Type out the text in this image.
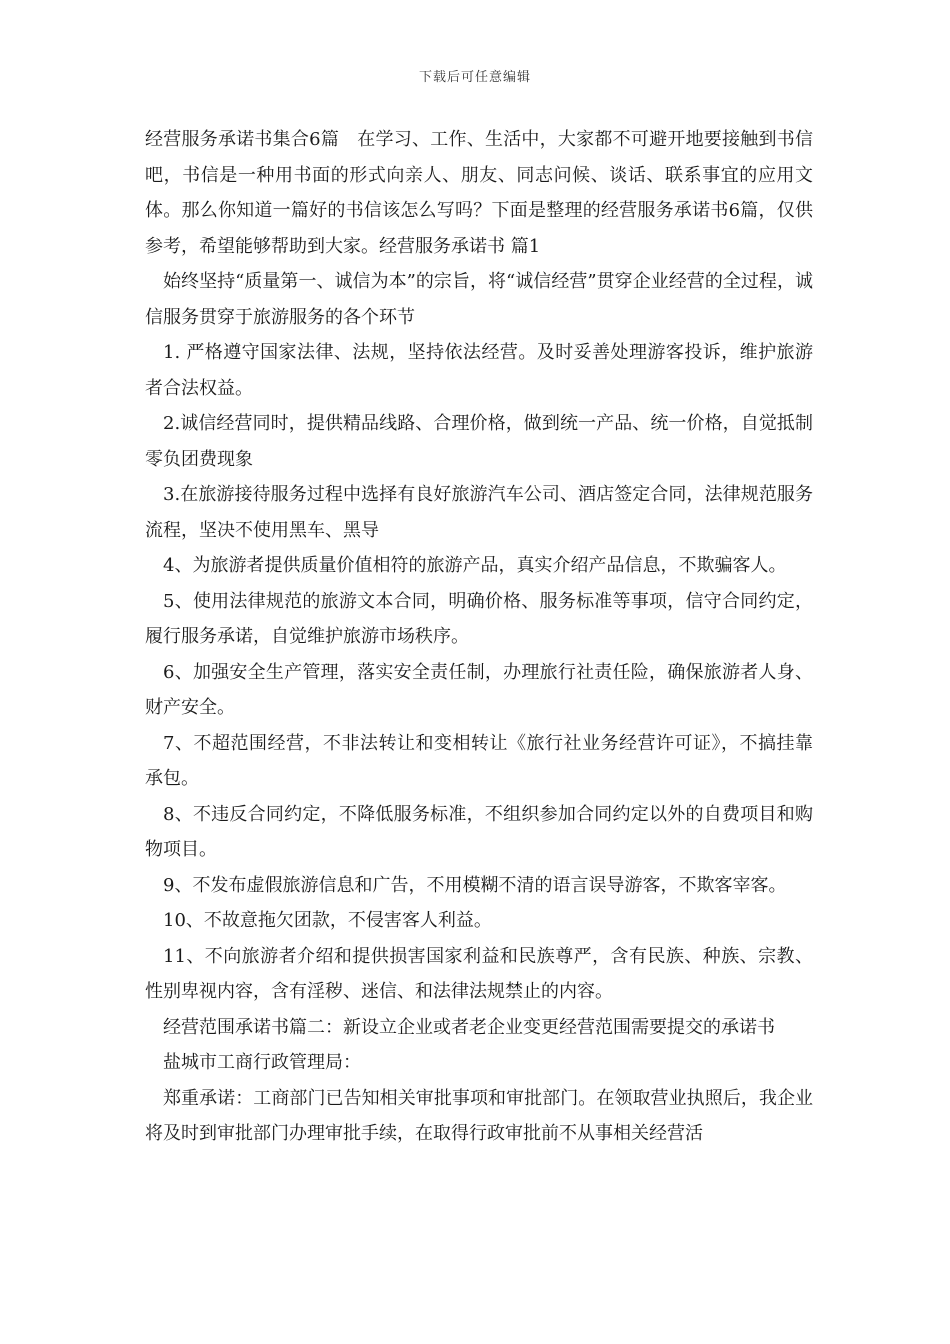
下载后可任意编辑

经营服务承诺书集合6篇　在学习、工作、生活中，大家都不可避开地要接触到书信吧，书信是一种用书面的形式向亲人、朋友、同志问候、谈话、联系事宜的应用文体。那么你知道一篇好的书信该怎么写吗？下面是整理的经营服务承诺书6篇，仅供参考，希望能够帮助到大家。经营服务承诺书 篇1

始终坚持“质量第一、诚信为本”的宗旨，将“诚信经营”贯穿企业经营的全过程，诚信服务贯穿于旅游服务的各个环节

1. 严格遵守国家法律、法规，坚持依法经营。及时妥善处理游客投诉，维护旅游者合法权益。

2.诚信经营同时，提供精品线路、合理价格，做到统一产品、统一价格，自觉抵制零负团费现象

3.在旅游接待服务过程中选择有良好旅游汽车公司、酒店签定合同，法律规范服务流程，坚决不使用黑车、黑导

4、为旅游者提供质量价值相符的旅游产品，真实介绍产品信息，不欺骗客人。

5、使用法律规范的旅游文本合同，明确价格、服务标准等事项，信守合同约定，履行服务承诺，自觉维护旅游市场秩序。

6、加强安全生产管理，落实安全责任制，办理旅行社责任险，确保旅游者人身、财产安全。

7、不超范围经营，不非法转让和变相转让《旅行社业务经营许可证》，不搞挂靠承包。

8、不违反合同约定，不降低服务标准，不组织参加合同约定以外的自费项目和购物项目。

9、不发布虚假旅游信息和广告，不用模糊不清的语言误导游客，不欺客宰客。

10、不故意拖欠团款，不侵害客人利益。

11、不向旅游者介绍和提供损害国家利益和民族尊严，含有民族、种族、宗教、性别卑视内容，含有淫秽、迷信、和法律法规禁止的内容。

经营范围承诺书篇二：新设立企业或者老企业变更经营范围需要提交的承诺书

盐城市工商行政管理局：

郑重承诺：工商部门已告知相关审批事项和审批部门。在领取营业执照后，我企业将及时到审批部门办理审批手续，在取得行政审批前不从事相关经营活
